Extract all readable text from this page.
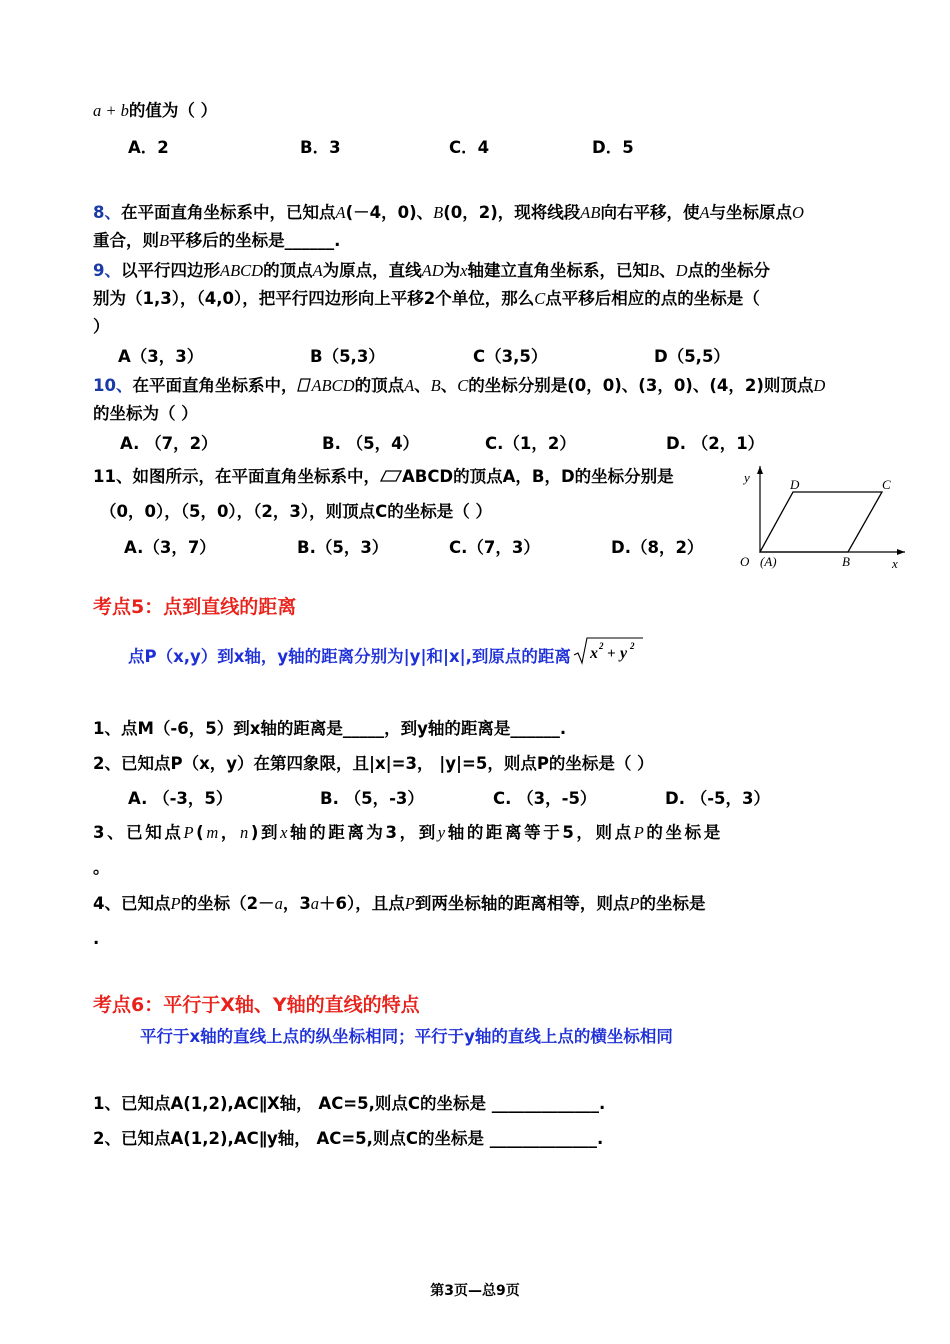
a + b的值为（ ）
A．2	B．3	C．4	D．5
8、在平面直角坐标系中，已知点A(－4，0)、B(0，2)，现将线段AB向右平移，使A与坐标原点O
重合，则B平移后的坐标是______.
9、以平行四边形ABCD的顶点A为原点，直线AD为x轴建立直角坐标系，已知B、D点的坐标分
别为（1,3），（4,0），把平行四边形向上平移2个单位，那么C点平移后相应的点的坐标是（
）
A（3，3）	B（5,3）	C（3,5）	D（5,5）
10、在平面直角坐标系中， ABCD的顶点A、B、C的坐标分别是(0，0)、(3，0)、(4，2)则顶点D
的坐标为（ ）
A. （7，2）	B. （5，4）	C.（1，2）	D. （2，1）
11、如图所示，在平面直角坐标系中， ABCD的顶点A，B，D的坐标分别是
（0，0），（5，0），（2，3），则顶点C的坐标是（ ）
A.（3，7）	B.（5，3）	C.（7，3）	D.（8，2）
y
x
O (A)
D	C
B
考点5：点到直线的距离
点P（x,y）到x轴，y轴的距离分别为|y|和|x|,到原点的距离
√(x² + y²)
x 2 + y 2
1、点M（-6，5）到x轴的距离是_____，到y轴的距离是______.
2、已知点P（x，y）在第四象限，且|x|=3， |y|=5，则点P的坐标是（ ）
A. （-3，5）	B. （5，-3）	C. （3，-5）	D. （-5，3）
3、已知点P(m，n)到x轴的距离为3，到y轴的距离等于5，则点P的坐标是
。
4、已知点P的坐标（2－a，3a＋6），且点P到两坐标轴的距离相等，则点P的坐标是
.
考点6：平行于X轴、Y轴的直线的特点
平行于x轴的直线上点的纵坐标相同；平行于y轴的直线上点的横坐标相同
1、已知点A(1,2),AC∥X轴， AC=5,则点C的坐标是 _____________.
2、已知点A(1,2),AC∥y轴， AC=5,则点C的坐标是 _____________.
第3页—总9页
